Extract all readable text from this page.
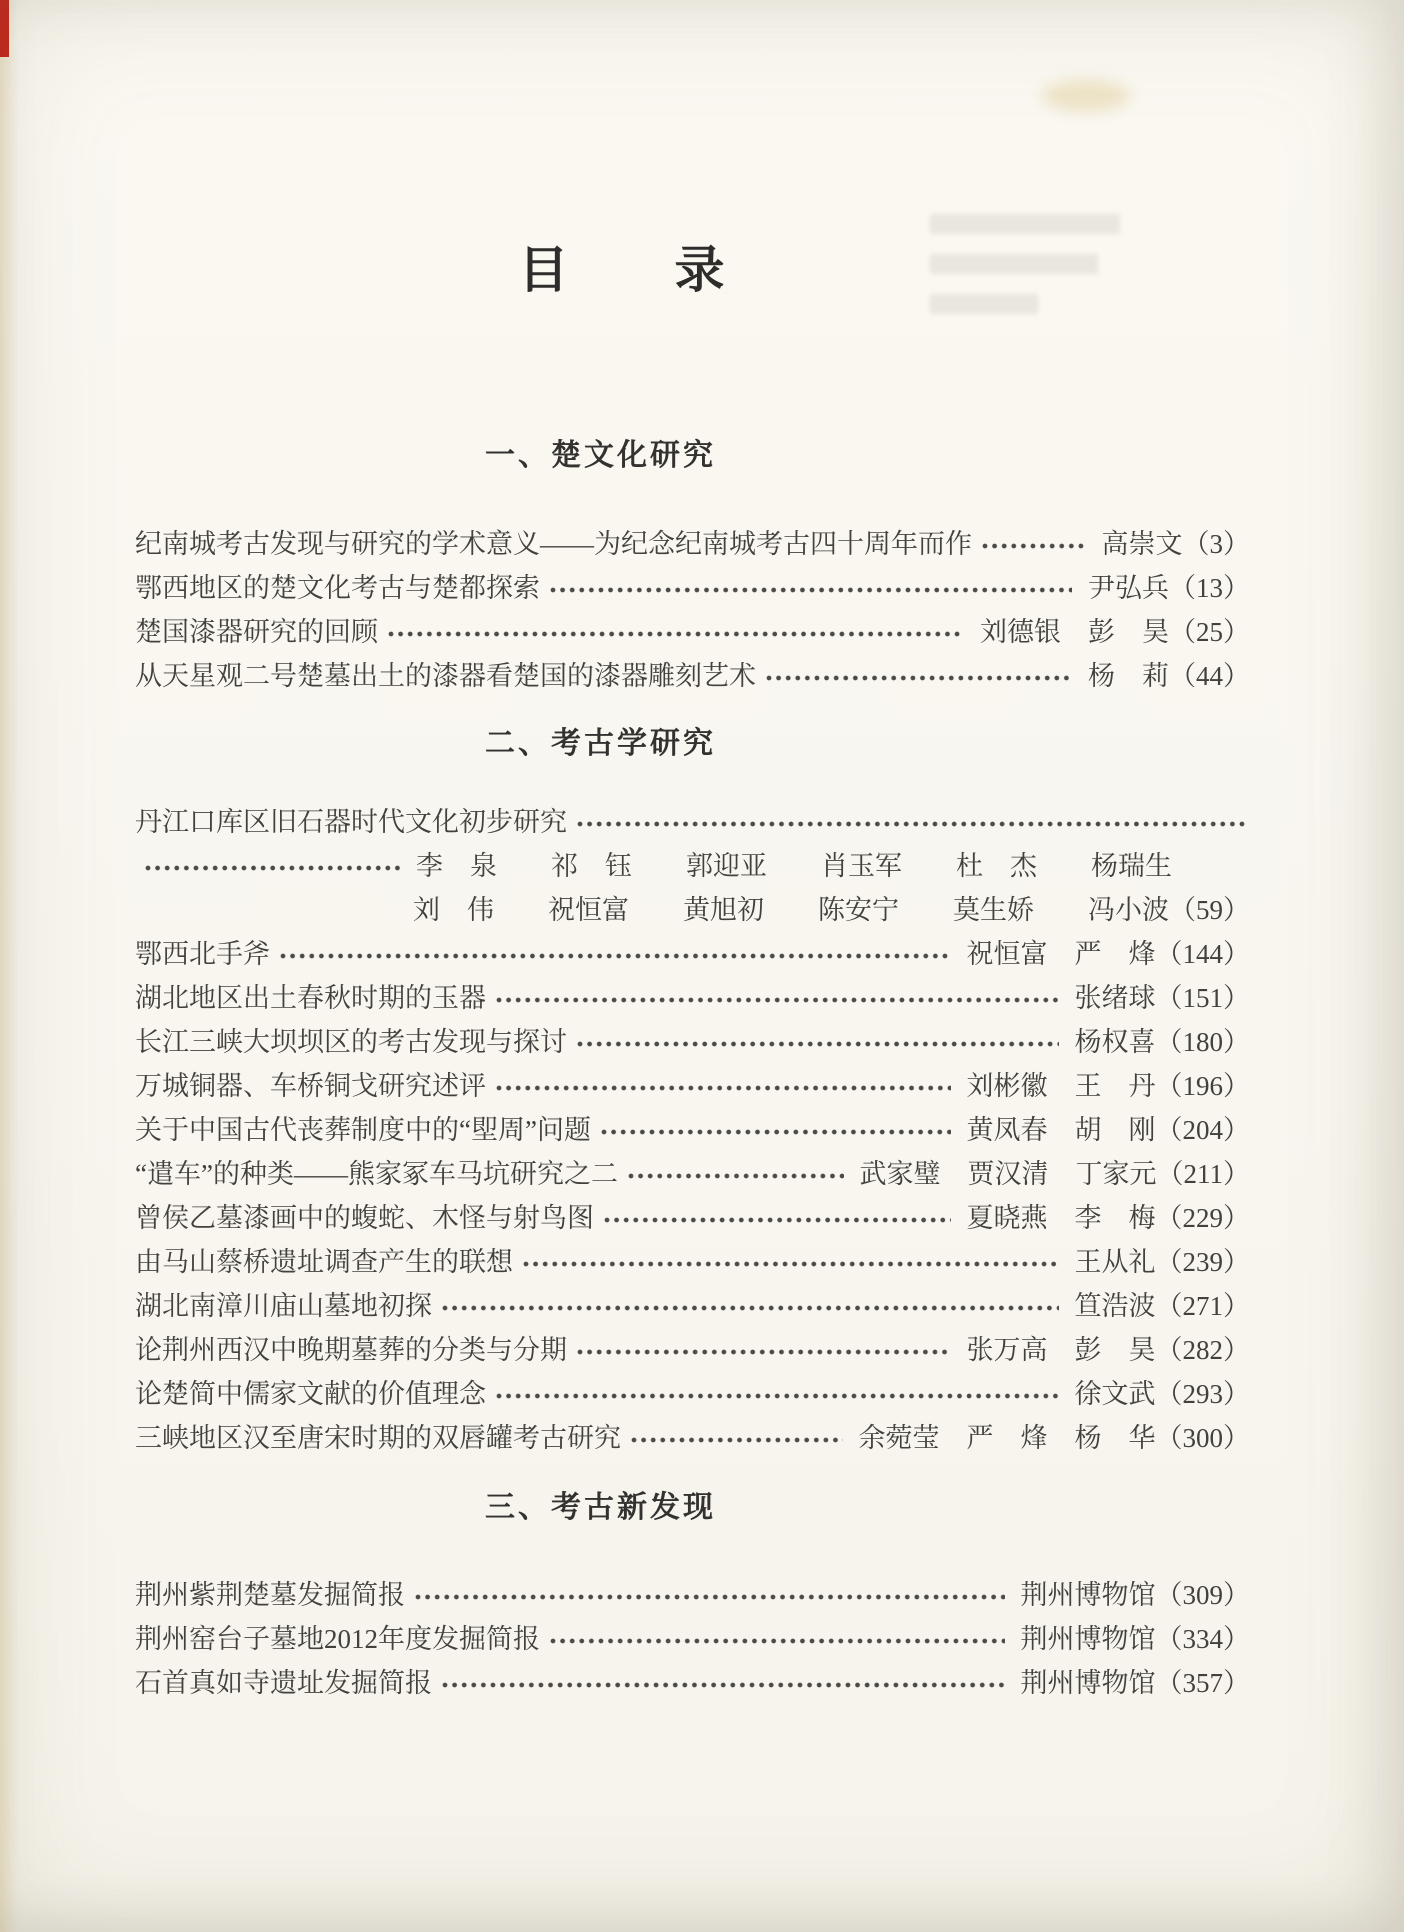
目　　录
一、楚文化研究
纪南城考古发现与研究的学术意义——为纪念纪南城考古四十周年而作	高崇文 （3）
鄂西地区的楚文化考古与楚都探索	尹弘兵 （13）
楚国漆器研究的回顾	刘德银　彭　昊 （25）
从天星观二号楚墓出土的漆器看楚国的漆器雕刻艺术	杨　莉 （44）
二、考古学研究
丹江口库区旧石器时代文化初步研究
李　泉　　祁　钰　　郭迎亚　　肖玉军　　杜　杰　　杨瑞生
刘　伟　　祝恒富　　黄旭初　　陈安宁　　莫生娇　　冯小波 （59）
鄂西北手斧	祝恒富　严　烽 （144）
湖北地区出土春秋时期的玉器	张绪球 （151）
长江三峡大坝坝区的考古发现与探讨	杨权喜 （180）
万城铜器、车桥铜戈研究述评	刘彬徽　王　丹 （196）
关于中国古代丧葬制度中的“堲周”问题	黄凤春　胡　刚 （204）
“遣车”的种类——熊家冢车马坑研究之二	武家璧　贾汉清　丁家元 （211）
曾侯乙墓漆画中的蝮蛇、木怪与射鸟图	夏晓燕　李　梅 （229）
由马山蔡桥遗址调查产生的联想	王从礼 （239）
湖北南漳川庙山墓地初探	笪浩波 （271）
论荆州西汉中晚期墓葬的分类与分期	张万高　彭　昊 （282）
论楚简中儒家文献的价值理念	徐文武 （293）
三峡地区汉至唐宋时期的双唇罐考古研究	余菀莹　严　烽　杨　华 （300）
三、考古新发现
荆州紫荆楚墓发掘简报	荆州博物馆 （309）
荆州窑台子墓地2012年度发掘简报	荆州博物馆 （334）
石首真如寺遗址发掘简报	荆州博物馆 （357）
